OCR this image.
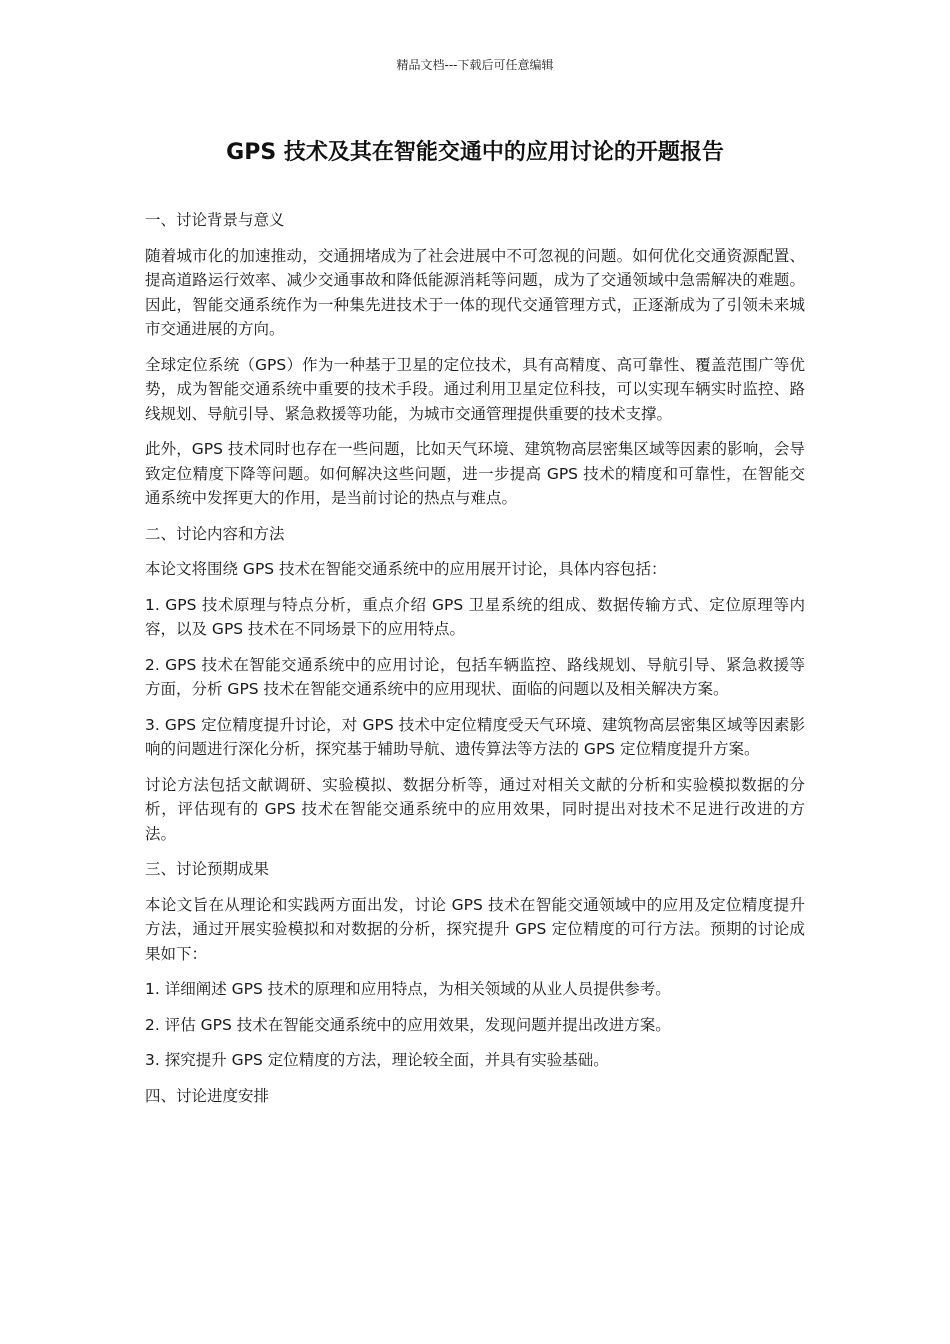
精品文档---下载后可任意编辑
GPS 技术及其在智能交通中的应用讨论的开题报告

一、讨论背景与意义

随着城市化的加速推动，交通拥堵成为了社会进展中不可忽视的问题。如何优化交通资源配置、提高道路运行效率、减少交通事故和降低能源消耗等问题，成为了交通领域中急需解决的难题。因此，智能交通系统作为一种集先进技术于一体的现代交通管理方式，正逐渐成为了引领未来城市交通进展的方向。

全球定位系统（GPS）作为一种基于卫星的定位技术，具有高精度、高可靠性、覆盖范围广等优势，成为智能交通系统中重要的技术手段。通过利用卫星定位科技，可以实现车辆实时监控、路线规划、导航引导、紧急救援等功能，为城市交通管理提供重要的技术支撑。

此外，GPS 技术同时也存在一些问题，比如天气环境、建筑物高层密集区域等因素的影响，会导致定位精度下降等问题。如何解决这些问题，进一步提高 GPS 技术的精度和可靠性，在智能交通系统中发挥更大的作用，是当前讨论的热点与难点。

二、讨论内容和方法

本论文将围绕 GPS 技术在智能交通系统中的应用展开讨论，具体内容包括：

1. GPS 技术原理与特点分析，重点介绍 GPS 卫星系统的组成、数据传输方式、定位原理等内容，以及 GPS 技术在不同场景下的应用特点。

2. GPS 技术在智能交通系统中的应用讨论，包括车辆监控、路线规划、导航引导、紧急救援等方面，分析 GPS 技术在智能交通系统中的应用现状、面临的问题以及相关解决方案。

3. GPS 定位精度提升讨论，对 GPS 技术中定位精度受天气环境、建筑物高层密集区域等因素影响的问题进行深化分析，探究基于辅助导航、遗传算法等方法的 GPS 定位精度提升方案。

讨论方法包括文献调研、实验模拟、数据分析等，通过对相关文献的分析和实验模拟数据的分析，评估现有的 GPS 技术在智能交通系统中的应用效果，同时提出对技术不足进行改进的方法。

三、讨论预期成果

本论文旨在从理论和实践两方面出发，讨论 GPS 技术在智能交通领域中的应用及定位精度提升方法，通过开展实验模拟和对数据的分析，探究提升 GPS 定位精度的可行方法。预期的讨论成果如下：

1. 详细阐述 GPS 技术的原理和应用特点，为相关领域的从业人员提供参考。

2. 评估 GPS 技术在智能交通系统中的应用效果，发现问题并提出改进方案。

3. 探究提升 GPS 定位精度的方法，理论较全面，并具有实验基础。

四、讨论进度安排
